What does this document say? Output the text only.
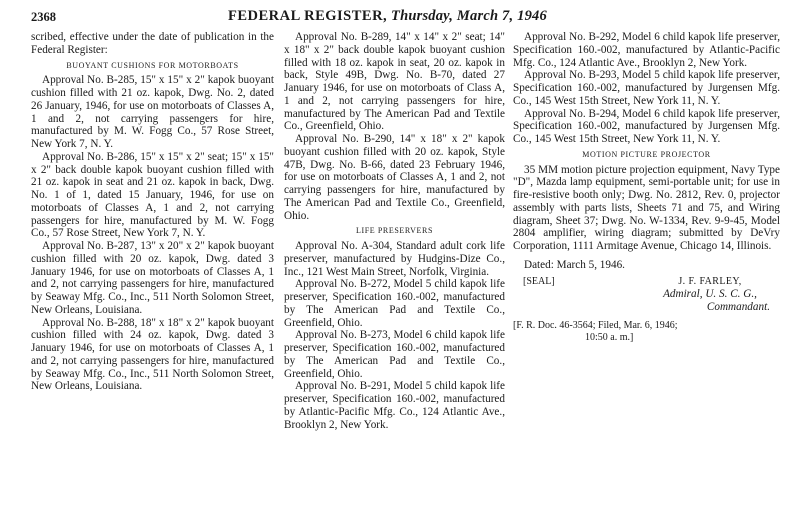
2368	FEDERAL REGISTER, Thursday, March 7, 1946

scribed, effective under the date of publication in the Federal Register:

BUOYANT CUSHIONS FOR MOTORBOATS

Approval No. B-285, 15" x 15" x 2" kapok buoyant cushion filled with 21 oz. kapok, Dwg. No. 2, dated 26 January, 1946, for use on motorboats of Classes A, 1 and 2, not carrying passengers for hire, manufactured by M. W. Fogg Co., 57 Rose Street, New York 7, N. Y.

Approval No. B-286, 15" x 15" x 2" seat; 15" x 15" x 2" back double kapok buoyant cushion filled with 21 oz. kapok in seat and 21 oz. kapok in back, Dwg. No. 1 of 1, dated 15 January, 1946, for use on motorboats of Classes A, 1 and 2, not carrying passengers for hire, manufactured by M. W. Fogg Co., 57 Rose Street, New York 7, N. Y.

Approval No. B-287, 13" x 20" x 2" kapok buoyant cushion filled with 20 oz. kapok, Dwg. dated 3 January 1946, for use on motorboats of Classes A, 1 and 2, not carrying passengers for hire, manufactured by Seaway Mfg. Co., Inc., 511 North Solomon Street, New Orleans, Louisiana.

Approval No. B-288, 18" x 18" x 2" kapok buoyant cushion filled with 24 oz. kapok, Dwg. dated 3 January 1946, for use on motorboats of Classes A, 1 and 2, not carrying passengers for hire, manufactured by Seaway Mfg. Co., Inc., 511 North Solomon Street, New Orleans, Louisiana.

Approval No. B-289, 14" x 14" x 2" seat; 14" x 18" x 2" back double kapok buoyant cushion filled with 18 oz. kapok in seat, 20 oz. kapok in back, Style 49B, Dwg. No. B-70, dated 27 January 1946, for use on motorboats of Class A, 1 and 2, not carrying passengers for hire, manufactured by The American Pad and Textile Co., Greenfield, Ohio.

Approval No. B-290, 14" x 18" x 2" kapok buoyant cushion filled with 20 oz. kapok, Style 47B, Dwg. No. B-66, dated 23 February 1946, for use on motorboats of Classes A, 1 and 2, not carrying passengers for hire, manufactured by The American Pad and Textile Co., Greenfield, Ohio.

LIFE PRESERVERS

Approval No. A-304, Standard adult cork life preserver, manufactured by Hudgins-Dize Co., Inc., 121 West Main Street, Norfolk, Virginia.

Approval No. B-272, Model 5 child kapok life preserver, Specification 160.-002, manufactured by The American Pad and Textile Co., Greenfield, Ohio.

Approval No. B-273, Model 6 child kapok life preserver, Specification 160.-002, manufactured by The American Pad and Textile Co., Greenfield, Ohio.

Approval No. B-291, Model 5 child kapok life preserver, Specification 160.-002, manufactured by Atlantic-Pacific Mfg. Co., 124 Atlantic Ave., Brooklyn 2, New York.

Approval No. B-292, Model 6 child kapok life preserver, Specification 160.-002, manufactured by Atlantic-Pacific Mfg. Co., 124 Atlantic Ave., Brooklyn 2, New York.

Approval No. B-293, Model 5 child kapok life preserver, Specification 160.-002, manufactured by Jurgensen Mfg. Co., 145 West 15th Street, New York 11, N. Y.

Approval No. B-294, Model 6 child kapok life preserver, Specification 160.-002, manufactured by Jurgensen Mfg. Co., 145 West 15th Street, New York 11, N. Y.

MOTION PICTURE PROJECTOR

35 MM motion picture projection equipment, Navy Type "D", Mazda lamp equipment, semi-portable unit; for use in fire-resistive booth only; Dwg. No. 2812, Rev. 0, projector assembly with parts lists, Sheets 71 and 75, and Wiring diagram, Sheet 37; Dwg. No. W-1334, Rev. 9-9-45, Model 2804 amplifier, wiring diagram; submitted by DeVry Corporation, 1111 Armitage Avenue, Chicago 14, Illinois.

Dated: March 5, 1946.

[SEAL]	J. F. FARLEY,
Admiral, U. S. C. G.,
Commandant.
[F. R. Doc. 46-3564; Filed, Mar. 6, 1946;
10:50 a. m.]
